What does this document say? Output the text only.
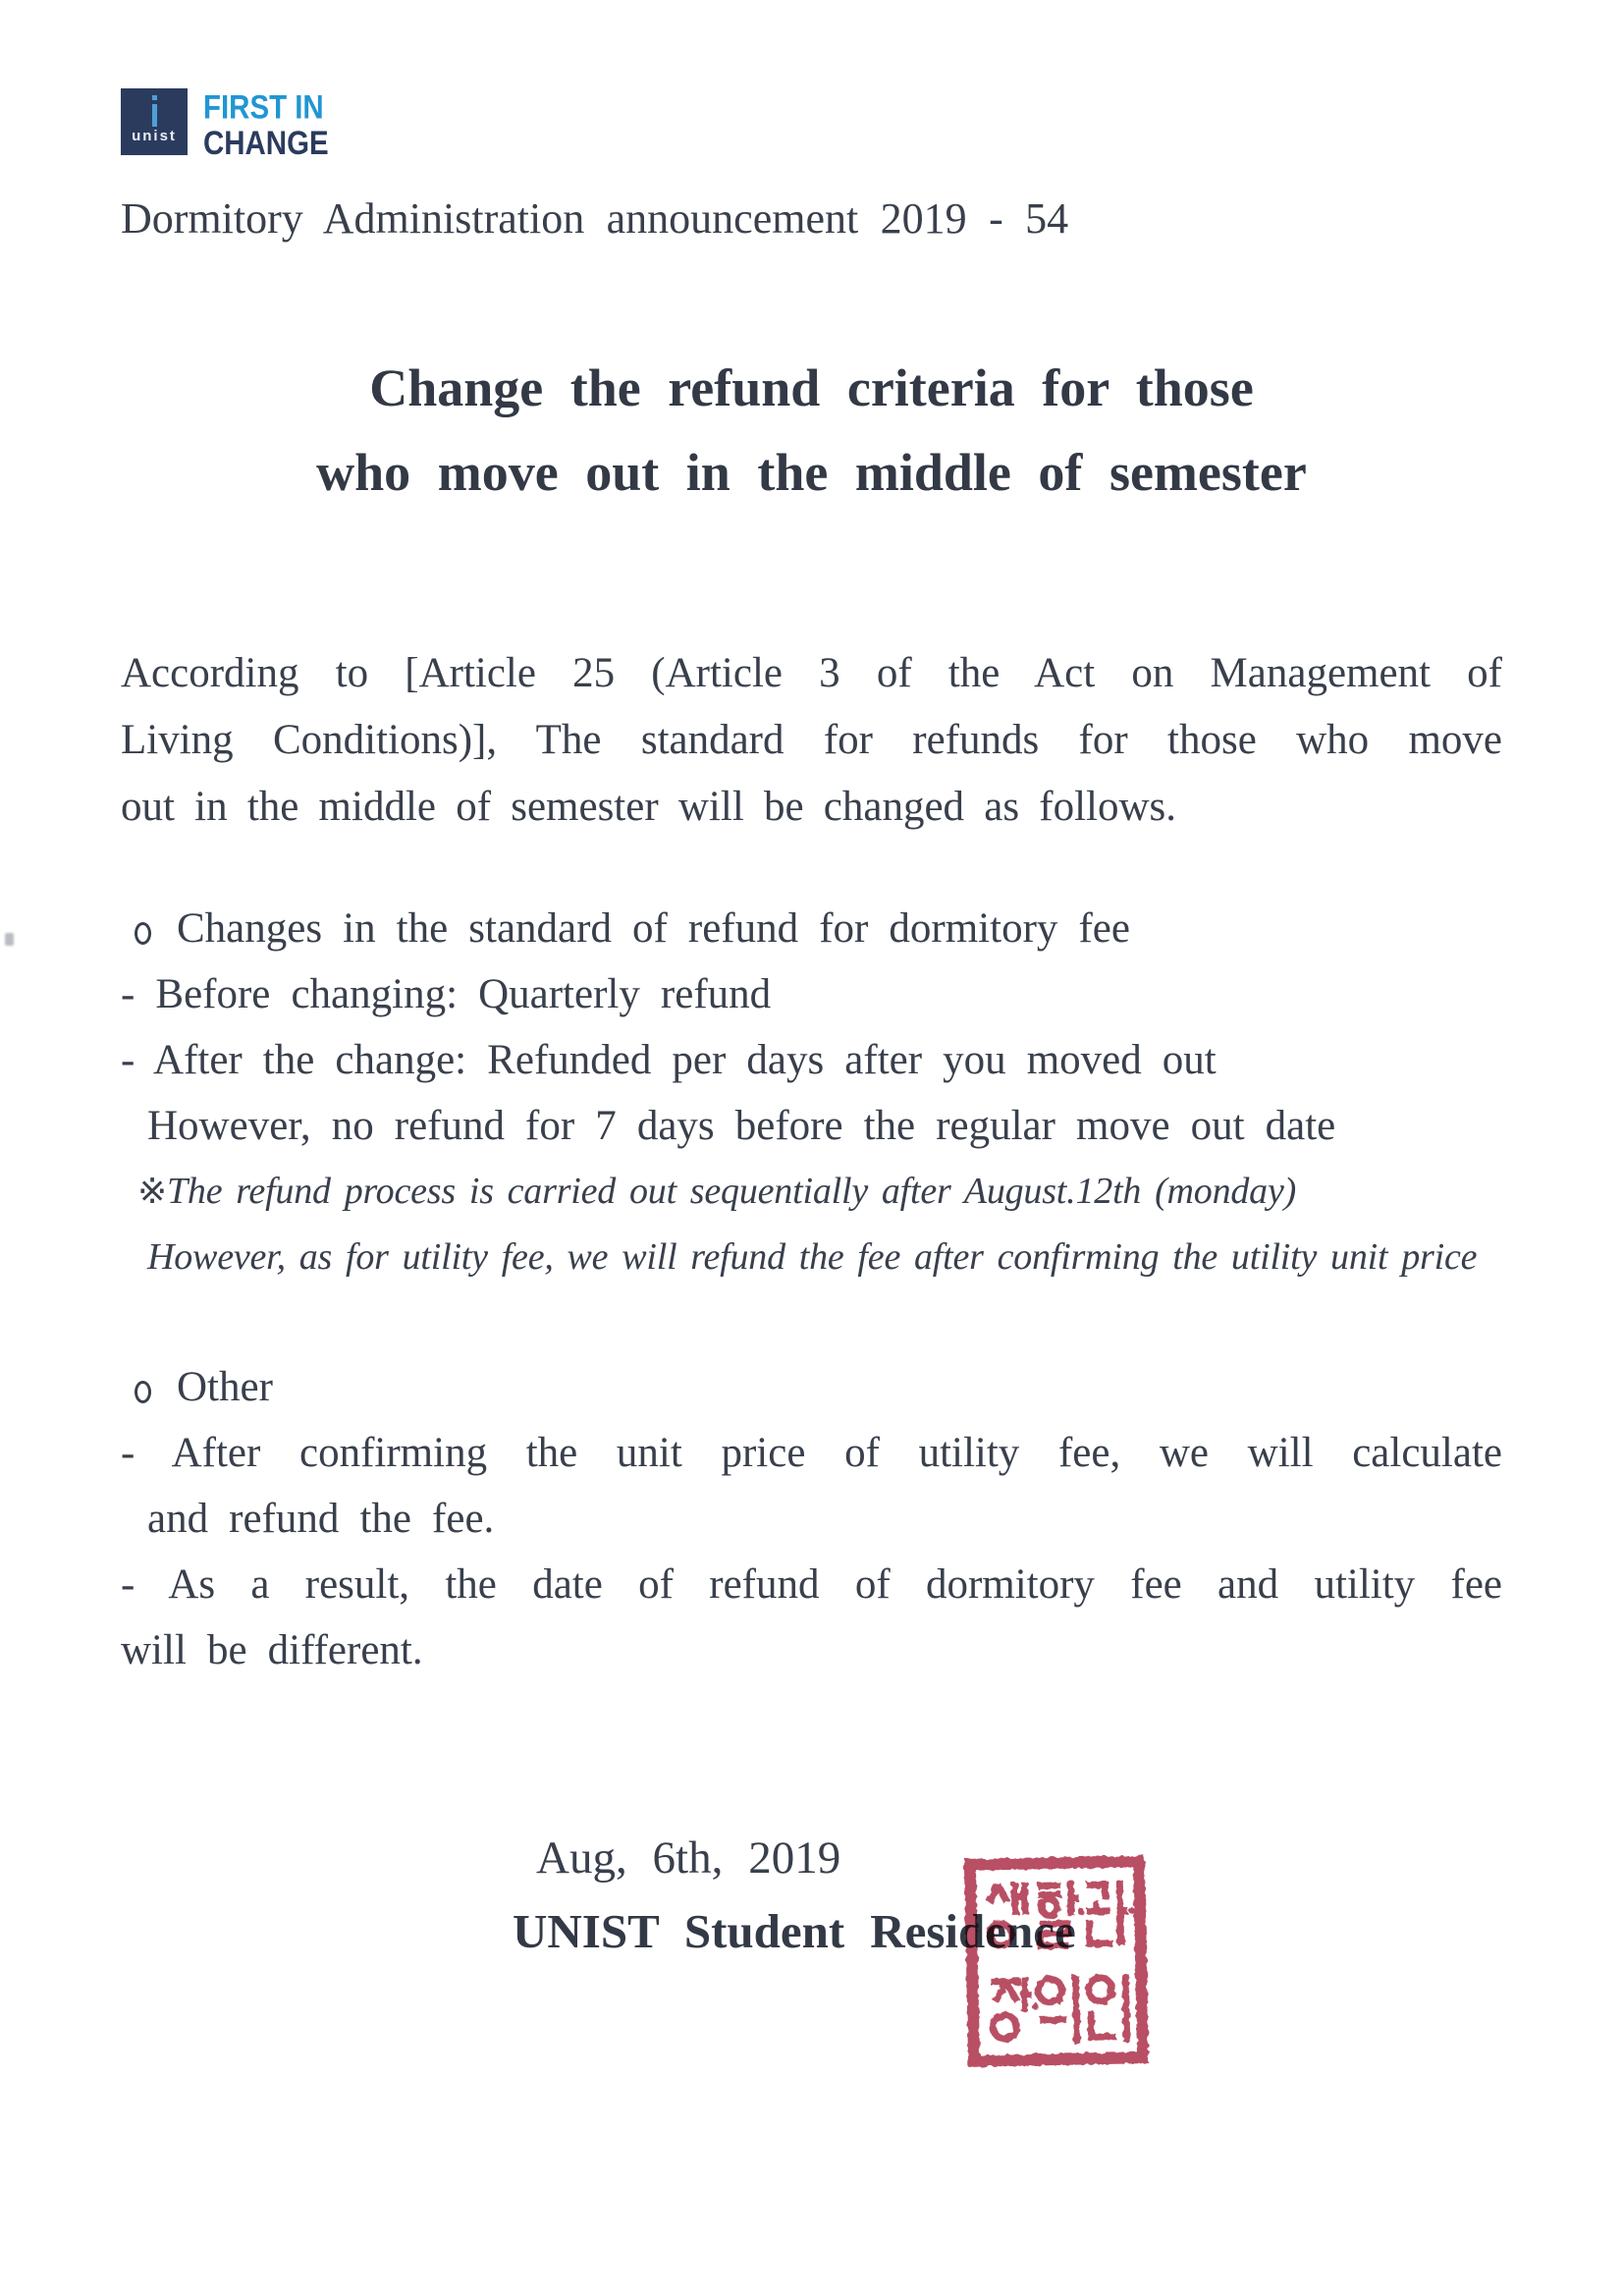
unist
FIRST IN
CHANGE
Dormitory Administration announcement 2019 - 54
Change the refund criteria for those
who move out in the middle of semester
According to [Article 25 (Article 3 of the Act on Management of
Living Conditions)], The standard for refunds for those who move
out in the middle of semester will be changed as follows.
Changes in the standard of refund for dormitory fee
- Before changing: Quarterly refund
- After the change: Refunded per days after you moved out
However, no refund for 7 days before the regular move out date
※The refund process is carried out sequentially after August.12th (monday)
However, as for utility fee, we will refund the fee after confirming the utility unit price
Other
- After confirming the unit price of utility fee, we will calculate
and refund the fee.
- As a result, the date of refund of dormitory fee and utility fee
will be different.
Aug, 6th, 2019
UNIST Student Residence
